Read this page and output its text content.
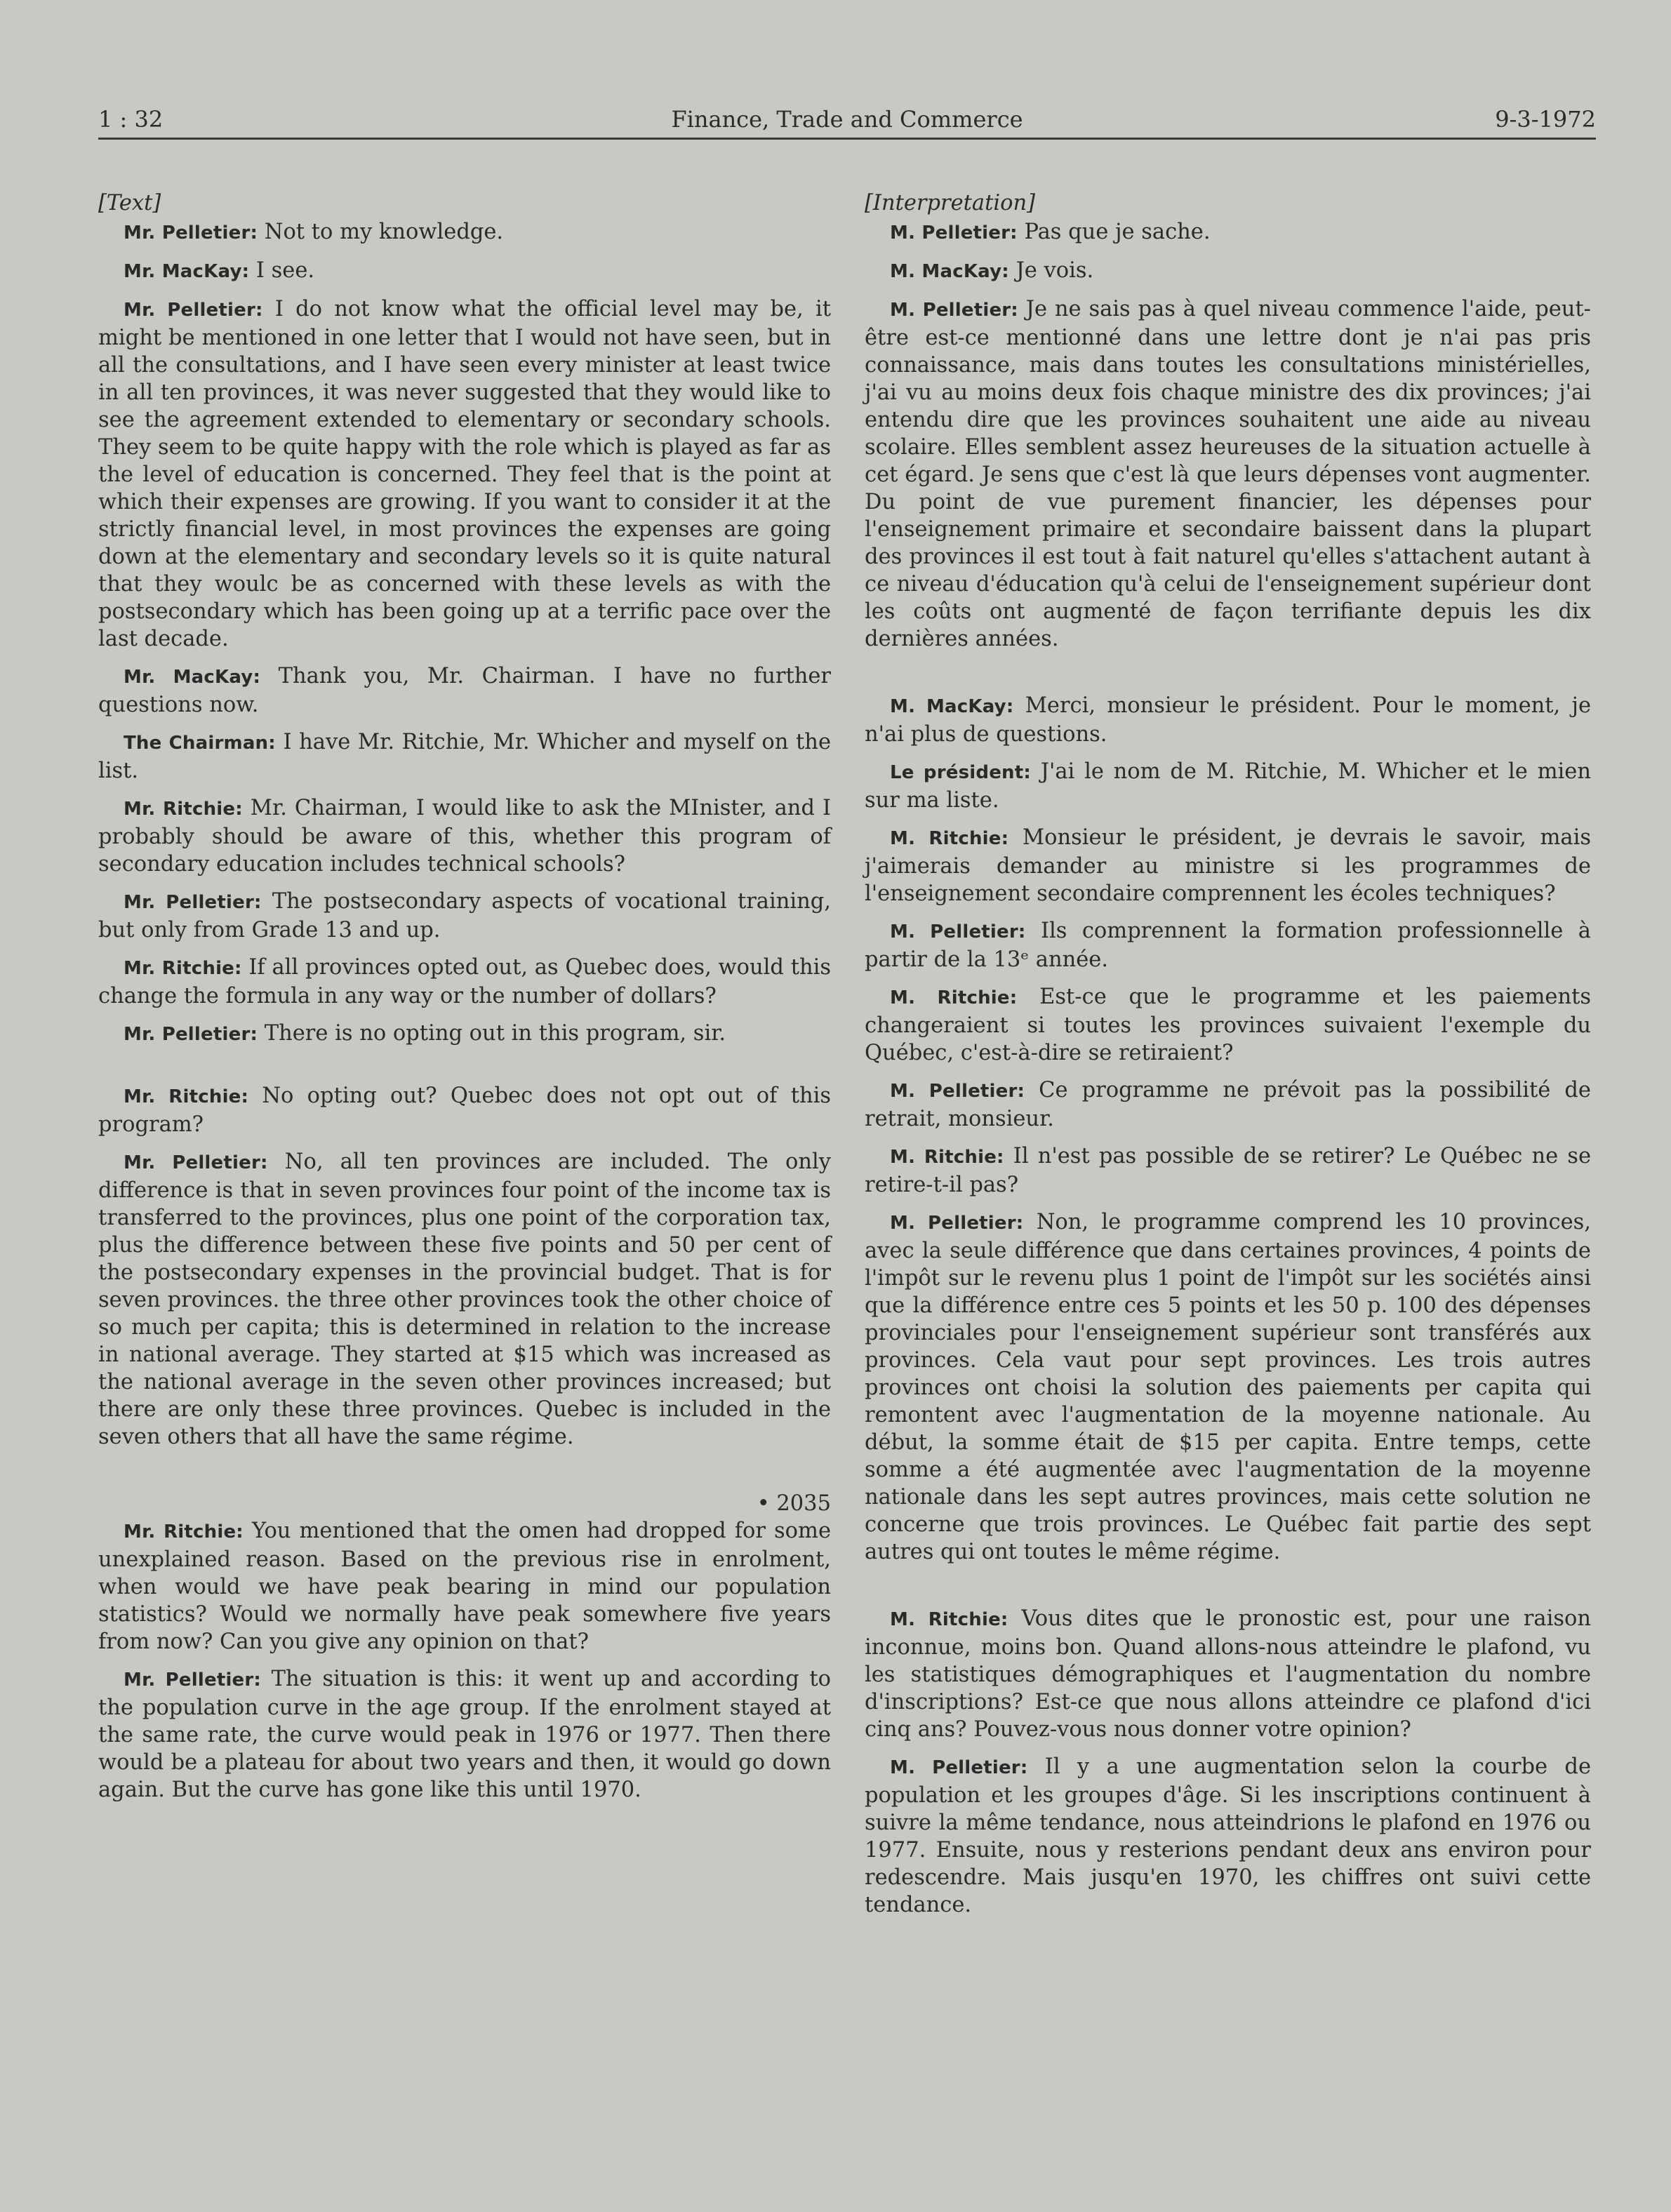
1 : 32	Finance, Trade and Commerce	9-3-1972

[Text]

Mr. Pelletier: Not to my knowledge.

Mr. MacKay: I see.

Mr. Pelletier: I do not know what the official level may be, it might be mentioned in one letter that I would not have seen, but in all the consultations, and I have seen every minister at least twice in all ten provinces, it was never suggested that they would like to see the agreement extended to elementary or secondary schools. They seem to be quite happy with the role which is played as far as the level of education is concerned. They feel that is the point at which their expenses are growing. If you want to consider it at the strictly financial level, in most provinces the expenses are going down at the elementary and secondary levels so it is quite natural that they woulc be as concerned with these levels as with the postsecondary which has been going up at a terrific pace over the last decade.

Mr. MacKay: Thank you, Mr. Chairman. I have no further questions now.

The Chairman: I have Mr. Ritchie, Mr. Whicher and myself on the list.

Mr. Ritchie: Mr. Chairman, I would like to ask the MInister, and I probably should be aware of this, whether this program of secondary education includes technical schools?

Mr. Pelletier: The postsecondary aspects of vocational training, but only from Grade 13 and up.

Mr. Ritchie: If all provinces opted out, as Quebec does, would this change the formula in any way or the number of dollars?

Mr. Pelletier: There is no opting out in this program, sir.

Mr. Ritchie: No opting out? Quebec does not opt out of this program?

Mr. Pelletier: No, all ten provinces are included. The only difference is that in seven provinces four point of the income tax is transferred to the provinces, plus one point of the corporation tax, plus the difference between these five points and 50 per cent of the postsecondary expenses in the provincial budget. That is for seven provinces. the three other provinces took the other choice of so much per capita; this is determined in relation to the increase in national average. They started at $15 which was increased as the national average in the seven other provinces increased; but there are only these three provinces. Quebec is included in the seven others that all have the same régime.

• 2035

Mr. Ritchie: You mentioned that the omen had dropped for some unexplained reason. Based on the previous rise in enrolment, when would we have peak bearing in mind our population statistics? Would we normally have peak somewhere five years from now? Can you give any opinion on that?

Mr. Pelletier: The situation is this: it went up and according to the population curve in the age group. If the enrolment stayed at the same rate, the curve would peak in 1976 or 1977. Then there would be a plateau for about two years and then, it would go down again. But the curve has gone like this until 1970.

[Interpretation]

M. Pelletier: Pas que je sache.

M. MacKay: Je vois.

M. Pelletier: Je ne sais pas à quel niveau commence l'aide, peut-être est-ce mentionné dans une lettre dont je n'ai pas pris connaissance, mais dans toutes les consultations ministérielles, j'ai vu au moins deux fois chaque ministre des dix provinces; j'ai entendu dire que les provinces souhaitent une aide au niveau scolaire. Elles semblent assez heureuses de la situation actuelle à cet égard. Je sens que c'est là que leurs dépenses vont augmenter. Du point de vue purement financier, les dépenses pour l'enseignement primaire et secondaire baissent dans la plupart des provinces il est tout à fait naturel qu'elles s'attachent autant à ce niveau d'éducation qu'à celui de l'enseignement supérieur dont les coûts ont augmenté de façon terrifiante depuis les dix dernières années.

M. MacKay: Merci, monsieur le président. Pour le moment, je n'ai plus de questions.

Le président: J'ai le nom de M. Ritchie, M. Whicher et le mien sur ma liste.

M. Ritchie: Monsieur le président, je devrais le savoir, mais j'aimerais demander au ministre si les programmes de l'enseignement secondaire comprennent les écoles techniques?

M. Pelletier: Ils comprennent la formation professionnelle à partir de la 13ᵉ année.

M. Ritchie: Est-ce que le programme et les paiements changeraient si toutes les provinces suivaient l'exemple du Québec, c'est-à-dire se retiraient?

M. Pelletier: Ce programme ne prévoit pas la possibilité de retrait, monsieur.

M. Ritchie: Il n'est pas possible de se retirer? Le Québec ne se retire-t-il pas?

M. Pelletier: Non, le programme comprend les 10 provinces, avec la seule différence que dans certaines provinces, 4 points de l'impôt sur le revenu plus 1 point de l'impôt sur les sociétés ainsi que la différence entre ces 5 points et les 50 p. 100 des dépenses provinciales pour l'enseignement supérieur sont transférés aux provinces. Cela vaut pour sept provinces. Les trois autres provinces ont choisi la solution des paiements per capita qui remontent avec l'augmentation de la moyenne nationale. Au début, la somme était de $15 per capita. Entre temps, cette somme a été augmentée avec l'augmentation de la moyenne nationale dans les sept autres provinces, mais cette solution ne concerne que trois provinces. Le Québec fait partie des sept autres qui ont toutes le même régime.

M. Ritchie: Vous dites que le pronostic est, pour une raison inconnue, moins bon. Quand allons-nous atteindre le plafond, vu les statistiques démographiques et l'augmentation du nombre d'inscriptions? Est-ce que nous allons atteindre ce plafond d'ici cinq ans? Pouvez-vous nous donner votre opinion?

M. Pelletier: Il y a une augmentation selon la courbe de population et les groupes d'âge. Si les inscriptions continuent à suivre la même tendance, nous atteindrions le plafond en 1976 ou 1977. Ensuite, nous y resterions pendant deux ans environ pour redescendre. Mais jusqu'en 1970, les chiffres ont suivi cette tendance.
